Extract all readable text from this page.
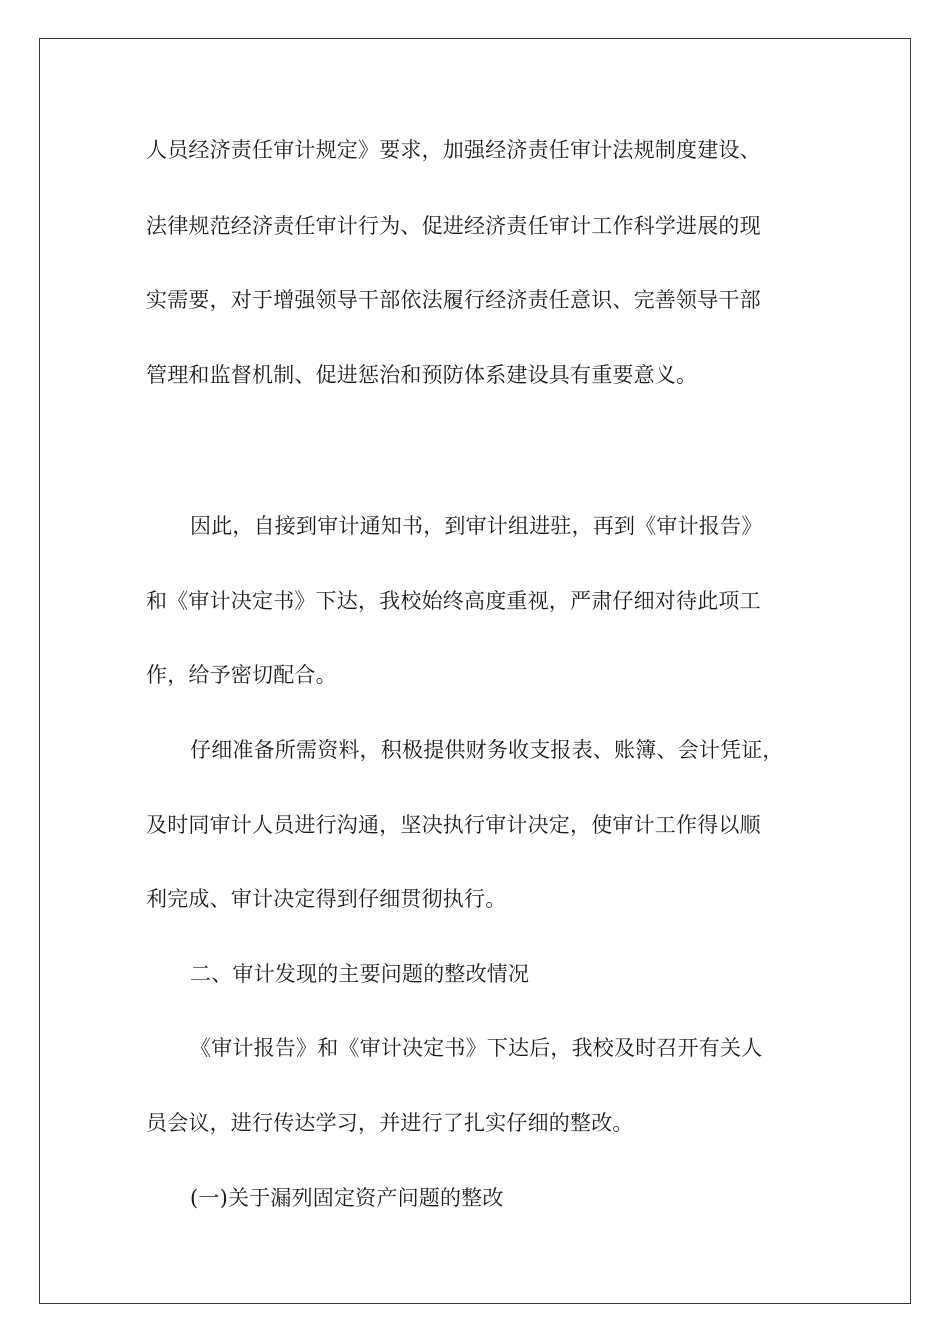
人员经济责任审计规定》要求，加强经济责任审计法规制度建设、

法律规范经济责任审计行为、促进经济责任审计工作科学进展的现

实需要，对于增强领导干部依法履行经济责任意识、完善领导干部

管理和监督机制、促进惩治和预防体系建设具有重要意义。

因此，自接到审计通知书，到审计组进驻，再到《审计报告》

和《审计决定书》下达，我校始终高度重视，严肃仔细对待此项工

作，给予密切配合。

仔细准备所需资料，积极提供财务收支报表、账簿、会计凭证，

及时同审计人员进行沟通，坚决执行审计决定，使审计工作得以顺

利完成、审计决定得到仔细贯彻执行。

二、审计发现的主要问题的整改情况

《审计报告》和《审计决定书》下达后，我校及时召开有关人

员会议，进行传达学习，并进行了扎实仔细的整改。

(一)关于漏列固定资产问题的整改
